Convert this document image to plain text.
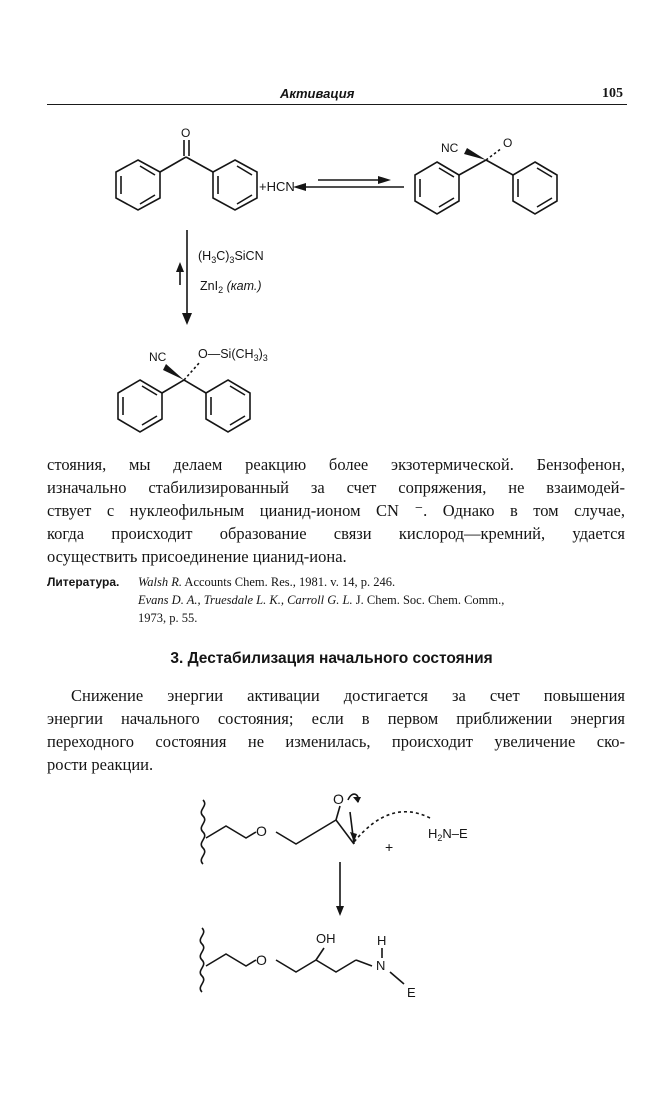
Активация	105
O
+HCN
NC	O
$(H_3C)_3SiCN$
ZnI$_2$ (кат.)
NC	$O—Si(CH_3)_3$
стояния, мы делаем реакцию более экзотермической. Бензофенон,
изначально стабилизированный за счет сопряжения, не взаимодей-
ствует с нуклеофильным цианид-ионом CN ⁻. Однако в том случае,
когда происходит образование связи кислород—кремний, удается
осуществить присоединение цианид-иона.
Литература. Walsh R. Accounts Chem. Res., 1981. v. 14, p. 246.
Evans D. A., Truesdale L. K., Carroll G. L. J. Chem. Soc. Chem. Comm.,
1973, p. 55.
3. Дестабилизация начального состояния
Снижение энергии активации достигается за счет повышения
энергии начального состояния; если в первом приближении энергия
переходного состояния не изменилась, происходит увеличение ско-
рости реакции.
O
O
+
$H_2N-E$
O
OH	H
N
E
